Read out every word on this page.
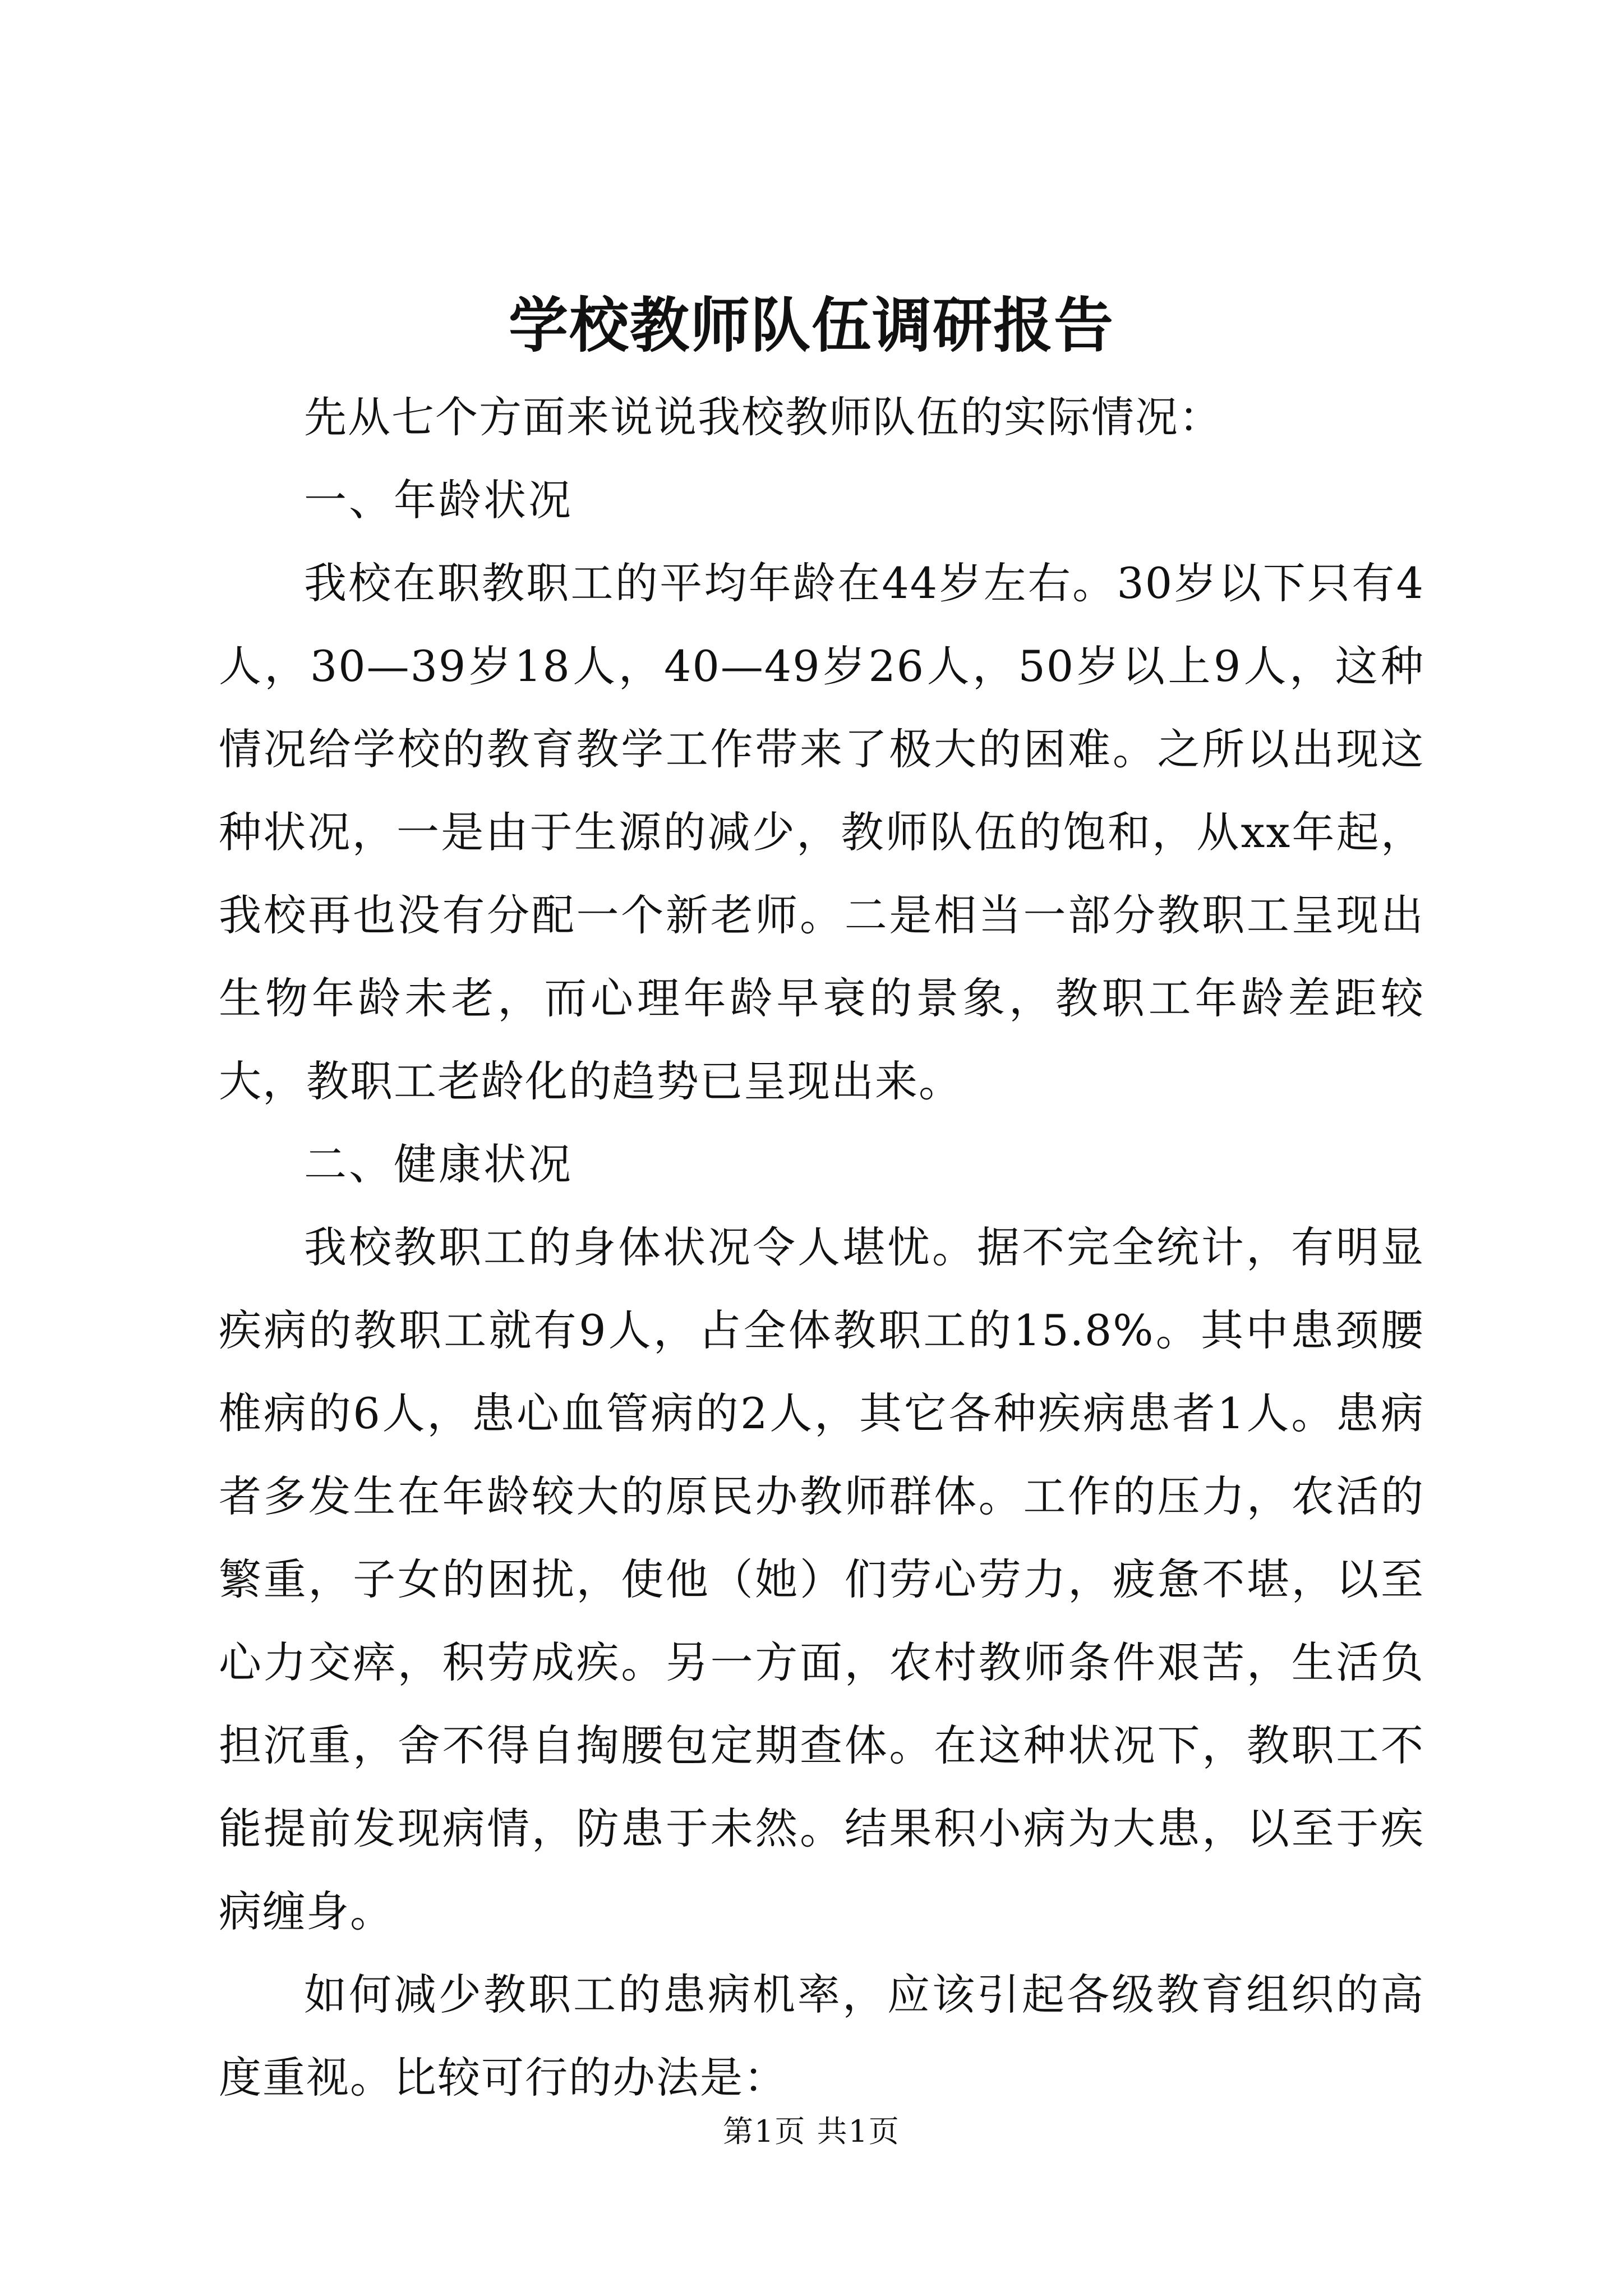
学校教师队伍调研报告

先从七个方面来说说我校教师队伍的实际情况：

一、年龄状况

我校在职教职工的平均年龄在44岁左右。30岁以下只有4人，30—39岁18人，40—49岁26人，50岁以上9人，这种情况给学校的教育教学工作带来了极大的困难。之所以出现这种状况，一是由于生源的减少，教师队伍的饱和，从xx年起，我校再也没有分配一个新老师。二是相当一部分教职工呈现出生物年龄未老，而心理年龄早衰的景象，教职工年龄差距较大，教职工老龄化的趋势已呈现出来。

二、健康状况

我校教职工的身体状况令人堪忧。据不完全统计，有明显疾病的教职工就有9人，占全体教职工的15.8%。其中患颈腰椎病的6人，患心血管病的2人，其它各种疾病患者1人。患病者多发生在年龄较大的原民办教师群体。工作的压力，农活的繁重，子女的困扰，使他（她）们劳心劳力，疲惫不堪，以至心力交瘁，积劳成疾。另一方面，农村教师条件艰苦，生活负担沉重，舍不得自掏腰包定期查体。在这种状况下，教职工不能提前发现病情，防患于未然。结果积小病为大患，以至于疾病缠身。

如何减少教职工的患病机率，应该引起各级教育组织的高度重视。比较可行的办法是：

第1页 共1页
